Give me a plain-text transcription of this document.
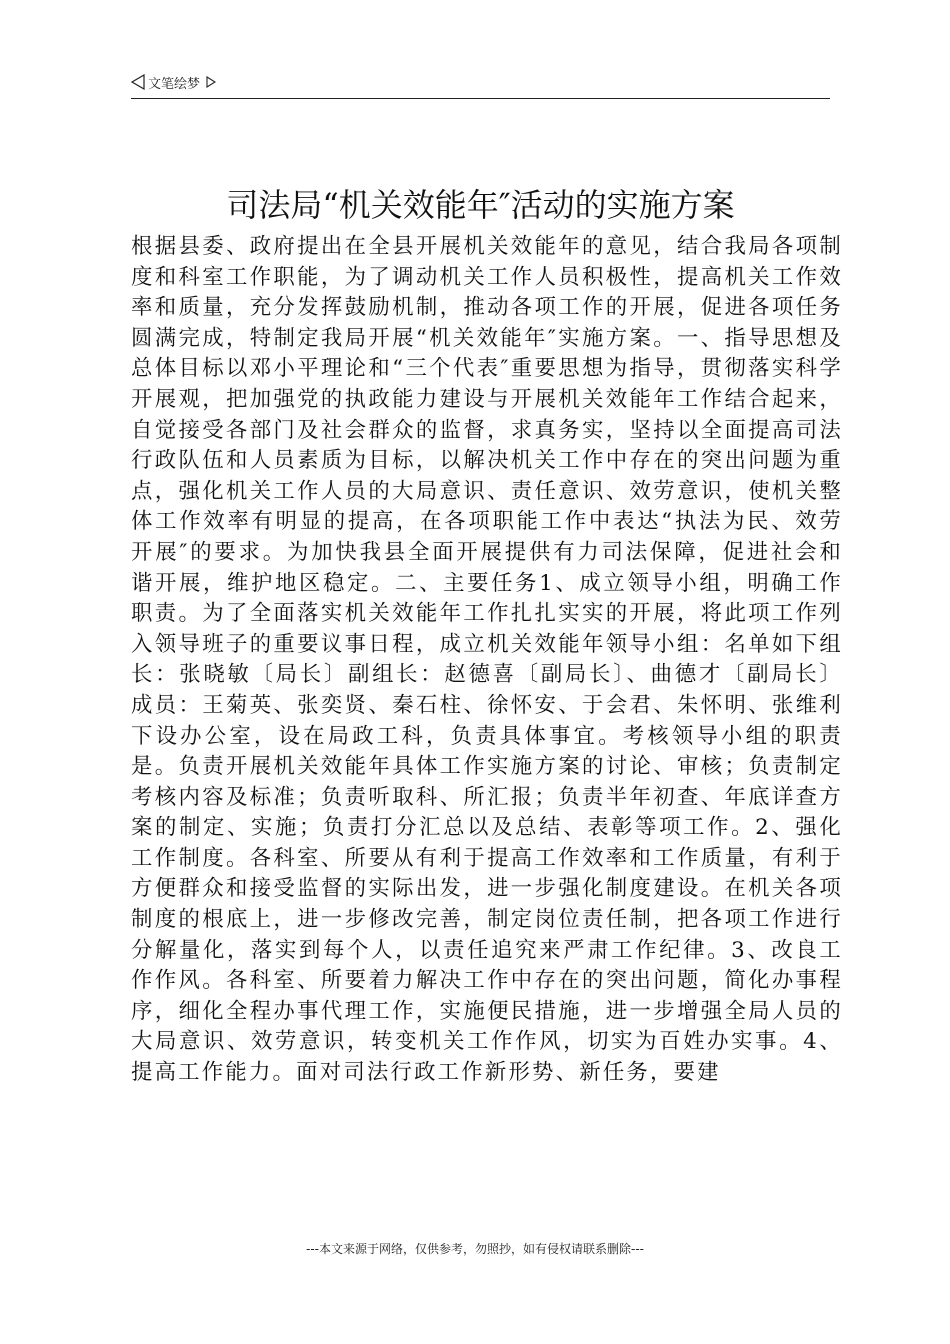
文笔绘梦
司法局“机关效能年″活动的实施方案
根据县委、政府提出在全县开展机关效能年的意见，结合我局各项制度和科室工作职能，为了调动机关工作人员积极性，提高机关工作效率和质量，充分发挥鼓励机制，推动各项工作的开展，促进各项任务圆满完成，特制定我局开展“机关效能年″实施方案。一、指导思想及总体目标以邓小平理论和“三个代表″重要思想为指导，贯彻落实科学开展观，把加强党的执政能力建设与开展机关效能年工作结合起来，自觉接受各部门及社会群众的监督，求真务实，坚持以全面提高司法行政队伍和人员素质为目标，以解决机关工作中存在的突出问题为重点，强化机关工作人员的大局意识、责任意识、效劳意识，使机关整体工作效率有明显的提高，在各项职能工作中表达“执法为民、效劳开展″的要求。为加快我县全面开展提供有力司法保障，促进社会和谐开展，维护地区稳定。二、主要任务1、成立领导小组，明确工作职责。为了全面落实机关效能年工作扎扎实实的开展，将此项工作列入领导班子的重要议事日程，成立机关效能年领导小组：名单如下组长：张晓敏〔局长〕副组长：赵德喜〔副局长〕、曲德才〔副局长〕成员：王菊英、张奕贤、秦石柱、徐怀安、于会君、朱怀明、张维利下设办公室，设在局政工科，负责具体事宜。考核领导小组的职责是。负责开展机关效能年具体工作实施方案的讨论、审核；负责制定考核内容及标准；负责听取科、所汇报；负责半年初查、年底详查方案的制定、实施；负责打分汇总以及总结、表彰等项工作。2、强化工作制度。各科室、所要从有利于提高工作效率和工作质量，有利于方便群众和接受监督的实际出发，进一步强化制度建设。在机关各项制度的根底上，进一步修改完善，制定岗位责任制，把各项工作进行分解量化，落实到每个人，以责任追究来严肃工作纪律。3、改良工作作风。各科室、所要着力解决工作中存在的突出问题，简化办事程序，细化全程办事代理工作，实施便民措施，进一步增强全局人员的大局意识、效劳意识，转变机关工作作风，切实为百姓办实事。4、提高工作能力。面对司法行政工作新形势、新任务，要建
---本文来源于网络，仅供参考，勿照抄，如有侵权请联系删除---
